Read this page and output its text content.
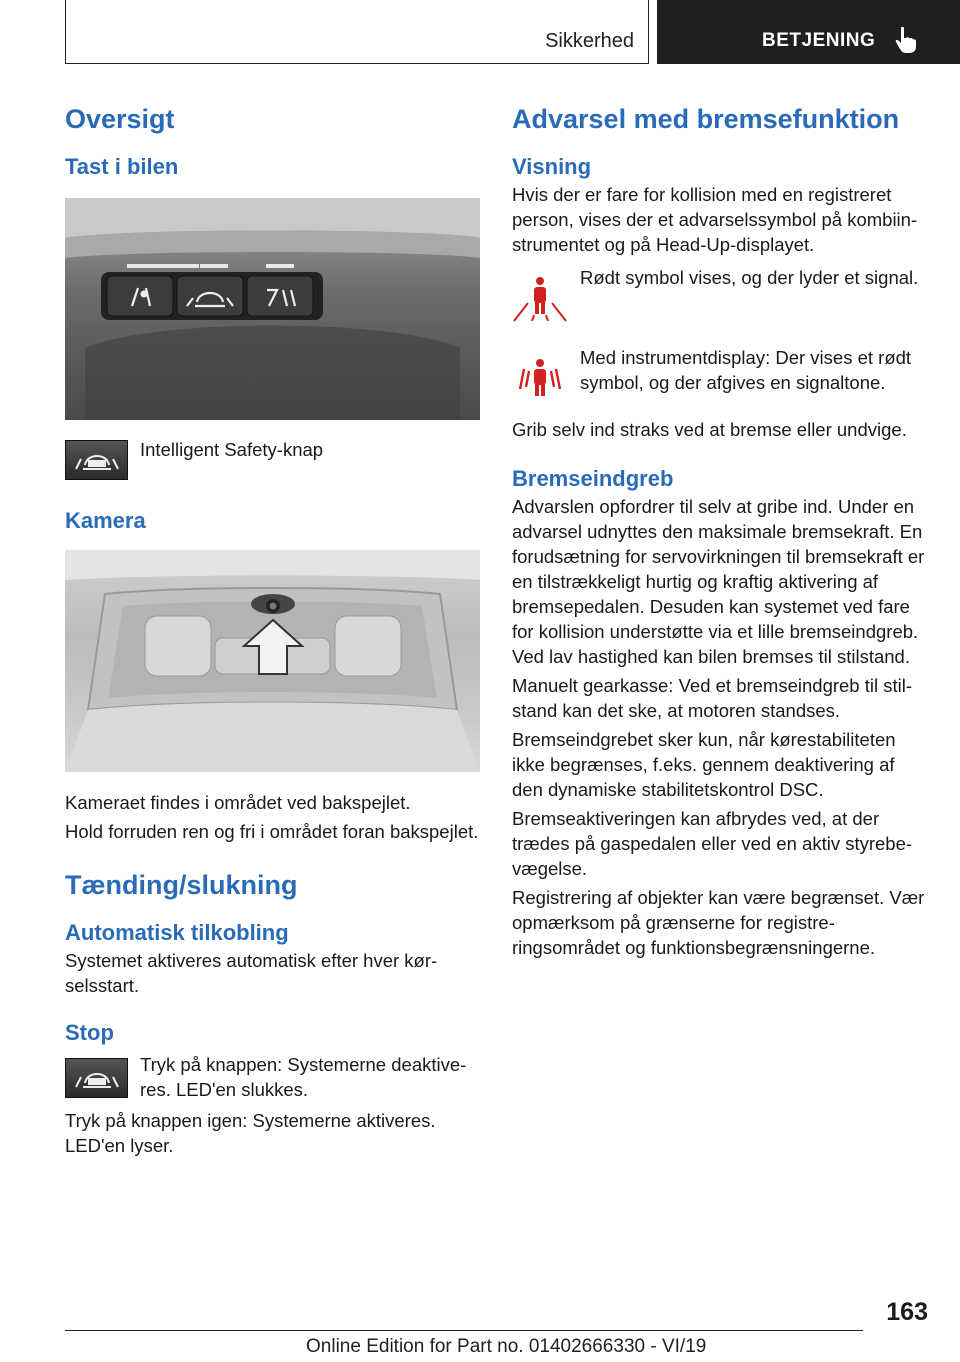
Sikkerhed	BETJENING
Oversigt
Tast i bilen
Intelligent Safety-knap
Kamera

Kameraet findes i området ved bakspejlet.

Hold forruden ren og fri i området foran bakspejlet.

Tænding/slukning
Automatisk tilkobling

Systemet aktiveres automatisk efter hver kørselsstart.

Stop
Tryk på knappen: Systemerne deaktiveres. LED'en slukkes.

Tryk på knappen igen: Systemerne aktiveres. LED'en lyser.

Advarsel med bremsefunktion
Visning

Hvis der er fare for kollision med en registreret person, vises der et advarselssymbol på kombiinstrumentet og på Head-Up-displayet.

Rødt symbol vises, og der lyder et signal.
Med instrumentdisplay: Der vises et rødt symbol, og der afgives en signaltone.

Grib selv ind straks ved at bremse eller undvige.

Bremseindgreb

Advarslen opfordrer til selv at gribe ind. Under en advarsel udnyttes den maksimale bremsekraft. En forudsætning for servovirkningen til bremsekraft er en tilstrækkeligt hurtig og kraftig aktivering af bremsepedalen. Desuden kan systemet ved fare for kollision understøtte via et lille bremseindgreb. Ved lav hastighed kan bilen bremses til stilstand.

Manuelt gearkasse: Ved et bremseindgreb til stilstand kan det ske, at motoren standses.

Bremseindgrebet sker kun, når kørestabiliteten ikke begrænses, f.eks. gennem deaktivering af den dynamiske stabilitetskontrol DSC.

Bremseaktiveringen kan afbrydes ved, at der trædes på gaspedalen eller ved en aktiv styrebevægelse.

Registrering af objekter kan være begrænset. Vær opmærksom på grænserne for registreringsområdet og funktionsbegrænsningerne.

163
Online Edition for Part no. 01402666330 - VI/19
